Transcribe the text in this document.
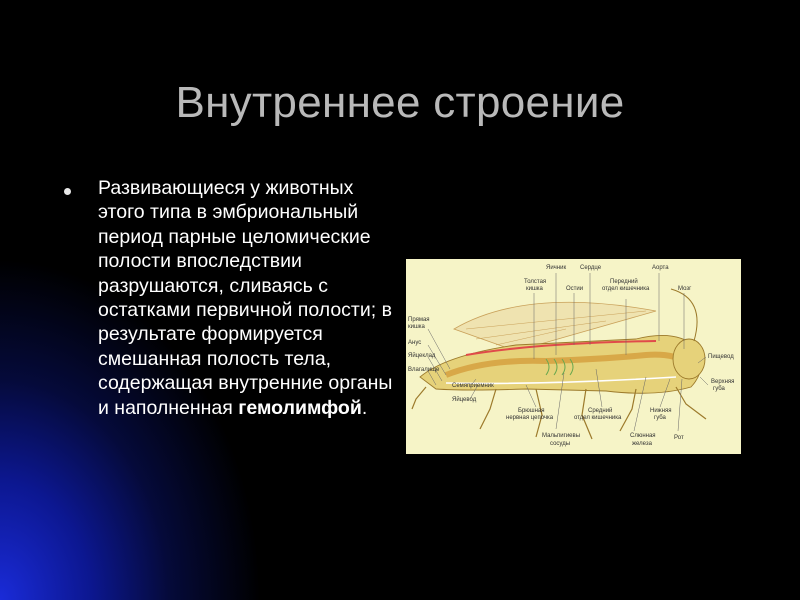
Внутреннее строение
Развивающиеся у животных этого типа в эмбриональный период парные целомические полости впоследствии разрушаются, сливаясь с остатками первичной полости; в результате формируется смешанная полость тела, содержащая внутренние органы и наполненная гемолимфой.
Яичник Сердце	Аорта
Толстая
кишка	Остии
Передний
отдел кишечника	Мозг
Прямая
кишка
Анус
Яйцеклад
Влагалище
Пищевод
Верхняя
губа
Семяприемник
Яйцевод
Брюшная
нервная цепочка
Средний
отдел кишечника
Нижняя
губа
Рот
Мальпигиевы
сосуды
Слюнная
железа
